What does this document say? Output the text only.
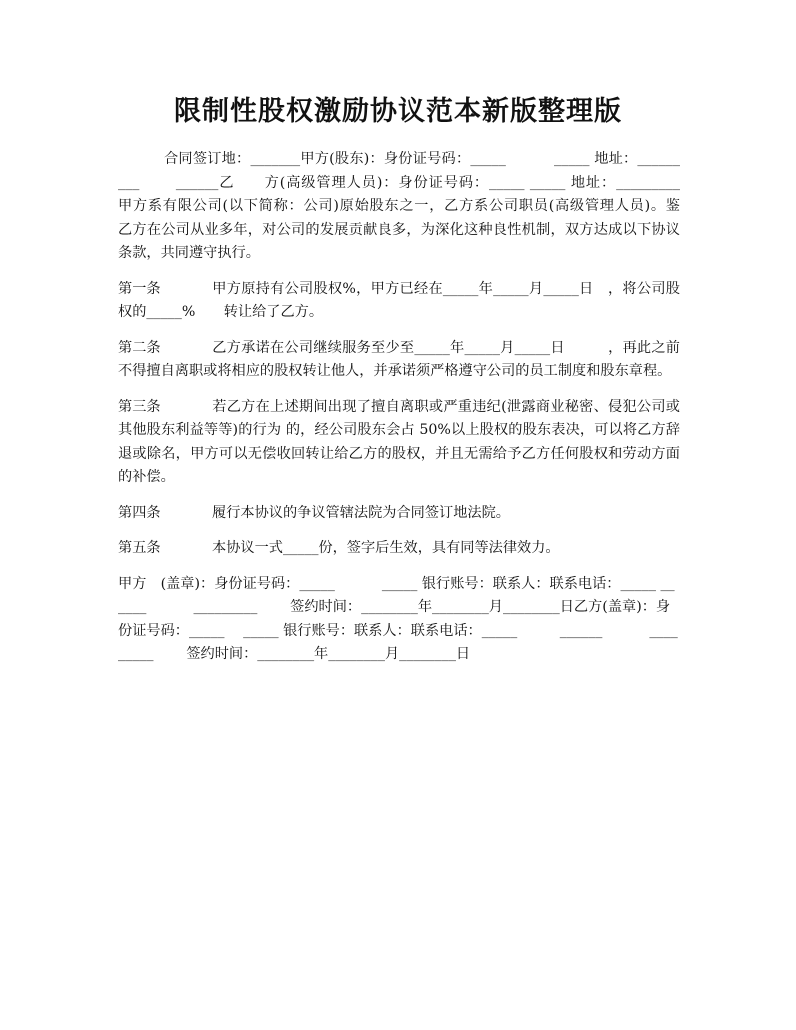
限制性股权激励协议范本新版整理版

合同签订地：_______甲方(股东)：身份证号码：_____　　　 _____ 地址：_________　　 ______乙　　方(高级管理人员)：身份证号码：_____ _____ 地址：_________　　 甲方系有限公司(以下简称：公司)原始股东之一，乙方系公司职员(高级管理人员)。鉴　　　乙方在公司从业多年，对公司的发展贡献良多，为深化这种良性机制，双方达成以下协议条款，共同遵守执行。

第一条	甲方原持有公司股权%，甲方已经在_____年_____月_____日　，将公司股权的_____%　　转让给了乙方。

第二条	乙方承诺在公司继续服务至少至_____年_____月_____日　　　，再此之前不得擅自离职或将相应的股权转让他人，并承诺须严格遵守公司的员工制度和股东章程。

第三条	若乙方在上述期间出现了擅自离职或严重违纪(泄露商业秘密、侵犯公司或其他股东利益等等)的行为 的，经公司股东会占 50%以上股权的股东表决，可以将乙方辞退或除名，甲方可以无偿收回转让给乙方的股权，并且无需给予乙方任何股权和劳动方面的补偿。

第四条	履行本协议的争议管辖法院为合同签订地法院。

第五条	本协议一式_____份，签字后生效，具有同等法律效力。

甲方　(盖章)：身份证号码：_____　　　 _____ 银行账号：联系人：联系电话：_____ ______　　　 _________　　 签约时间：________年________月________日乙方(盖章)：身份证号码：_____　 _____ 银行账号：联系人：联系电话：_____　　　______　　　 _________　　 签约时间：________年________月________日
